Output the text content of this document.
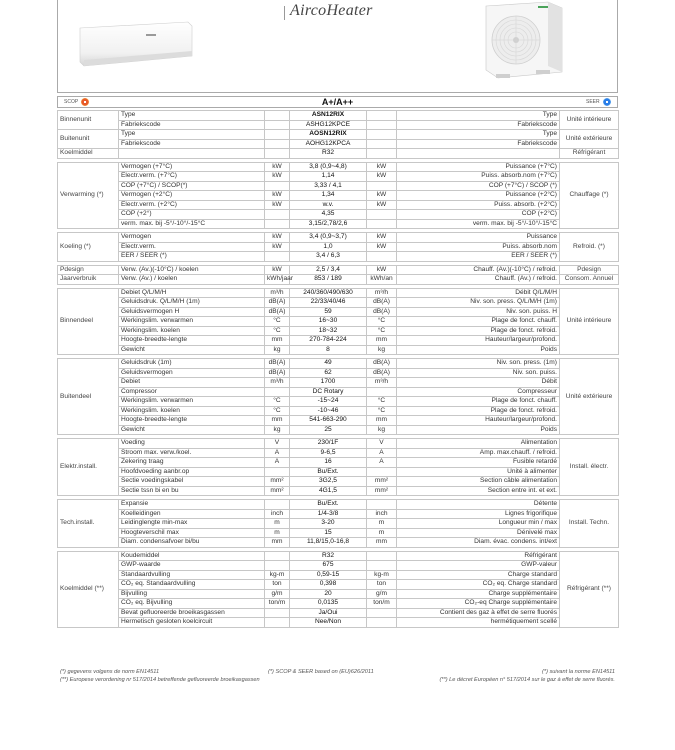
AircoHeater
SCOP	A+/A++	SEER
Binnenunit	Type		ASN12RIX		Type	Unité intérieure
	Fabriekscode		ASHG12KPCE		Fabriekscode	
Buitenunit	Type		AOSN12RIX		Type	Unité extérieure
	Fabriekscode		AOHG12KPCA		Fabriekscode	
Koelmiddel			R32			Réfrigérant

Verwarming (*)	Vermogen (+7°C)	kW	3,8 (0,9~4,8)	kW	Puissance (+7°C)	Chauffage (*)
	Electr.verm. (+7°C)	kW	1,14	kW	Puiss. absorb.nom (+7°C)	
	COP (+7°C) / SCOP(*)		3,33 / 4,1		COP (+7°C) / SCOP (*)	
	Vermogen (+2°C)	kW	1,34	kW	Puissance (+2°C)	
	Electr.verm. (+2°C)	kW	w.v.	kW	Puiss. absorb. (+2°C)	
	COP (+2°)		4,35		COP (+2°C)	
	verm. max. bij -5°/-10°/-15°C		3,15/2,78/2,6		verm. max. bij -5°/-10°/-15°C	

Koeling (*)	Vermogen	kW	3,4 (0,9~3,7)	kW	Puissance	Refroid. (*)
	Electr.verm.	kW	1,0	kW	Puiss. absorb.nom	
	EER / SEER (*)		3,4 / 6,3		EER / SEER (*)	

Pdesign	Verw. (Av.)(-10°C) / koelen	kW	2,5 / 3,4	kW	Chauff. (Av.)(-10°C) / refroid.	Pdesign
Jaarverbruik	Verw. (Av.) / koelen	kWh/jaar	853 / 189	kWh/an	Chauff. (Av.) / refroid.	Consom. Annuel

Binnendeel	Debiet Q/L/M/H	m³/h	240/360/490/630	m³/h	Débit Q/L/M/H	Unité intérieure
	Geluidsdruk. Q/L/M/H (1m)	dB(A)	22/33/40/46	dB(A)	Niv. son. press. Q/L/M/H (1m)	
	Geluidsvermogen H	dB(A)	59	dB(A)	Niv. son. puiss. H	
	Werkingslim. verwarmen	°C	16~30	°C	Plage de fonct. chauff.	
	Werkingslim. koelen	°C	18~32	°C	Plage de fonct. refroid.	
	Hoogte-breedte-lengte	mm	270-784-224	mm	Hauteur/largeur/profond.	
	Gewicht	kg	8	kg	Poids	

Buitendeel	Geluidsdruk (1m)	dB(A)	49	dB(A)	Niv. son. press. (1m)	Unité extérieure
	Geluidsvermogen	dB(A)	62	dB(A)	Niv. son. puiss.	
	Debiet	m³/h	1700	m³/h	Débit	
	Compressor		DC Rotary		Compresseur	
	Werkingslim. verwarmen	°C	-15~24	°C	Plage de fonct. chauff.	
	Werkingslim. koelen	°C	-10~46	°C	Plage de fonct. refroid.	
	Hoogte-breedte-lengte	mm	541-663-290	mm	Hauteur/largeur/profond.	
	Gewicht	kg	25	kg	Poids	

Elektr.install.	Voeding	V	230/1F	V	Alimentation	Install. électr.
	Stroom max. verw./koel.	A	9-6,5	A	Amp. max.chauff. / refroid.	
	Zekering traag	A	16	A	Fusible retardé	
	Hoofdvoeding aanbr.op		Bu/Ext.		Unité à alimenter	
	Sectie voedingskabel	mm²	3G2,5	mm²	Section câble alimentation	
	Sectie tssn bi en bu	mm²	4G1,5	mm²	Section entre int. et ext.	

Tech.install.	Expansie		Bu/Ext.		Détente	Install. Techn.
	Koelleidingen	inch	1/4-3/8	inch	Lignes frigorifique	
	Leidinglengte min-max	m	3-20	m	Longueur min / max	
	Hoogteverschil max	m	15	m	Dénivelé max	
	Diam. condensafvoer bi/bu	mm	11,8/15,0-16,8	mm	Diam. évac. condens. int/ext	

Koelmiddel (**)	Koudemiddel		R32		Réfrigérant	Réfrigérant (**)
	GWP-waarde		675		GWP-valeur	
	Standaardvulling	kg-m	0,59-15	kg-m	Charge standard	
	CO₂ eq. Standaardvulling	ton	0,398	ton	CO₂ eq. Charge standard	
	Bijvulling	g/m	20	g/m	Charge supplémentaire	
	CO₂ eq. Bijvulling	ton/m	0,0135	ton/m	CO₂-eq Charge supplémentaire	
	Bevat gefluoreerde broeikasgassen		Ja/Oui		Contient des gaz à effet de serre fluorés	
	Hermetisch gesloten koelcircuit		Nee/Non		hermétiquement scellé	
(*) gegevens volgens de norm EN14511	(*) SCOP & SEER based on (EU)626/2011	(*) suivant la norme EN14511
(**) Europese verordening nr 517/2014 betreffende gefluoreerde broeikasgassen	(**) Le décret Européen n° 517/2014 sur le gaz à effet de serre fluorés.
